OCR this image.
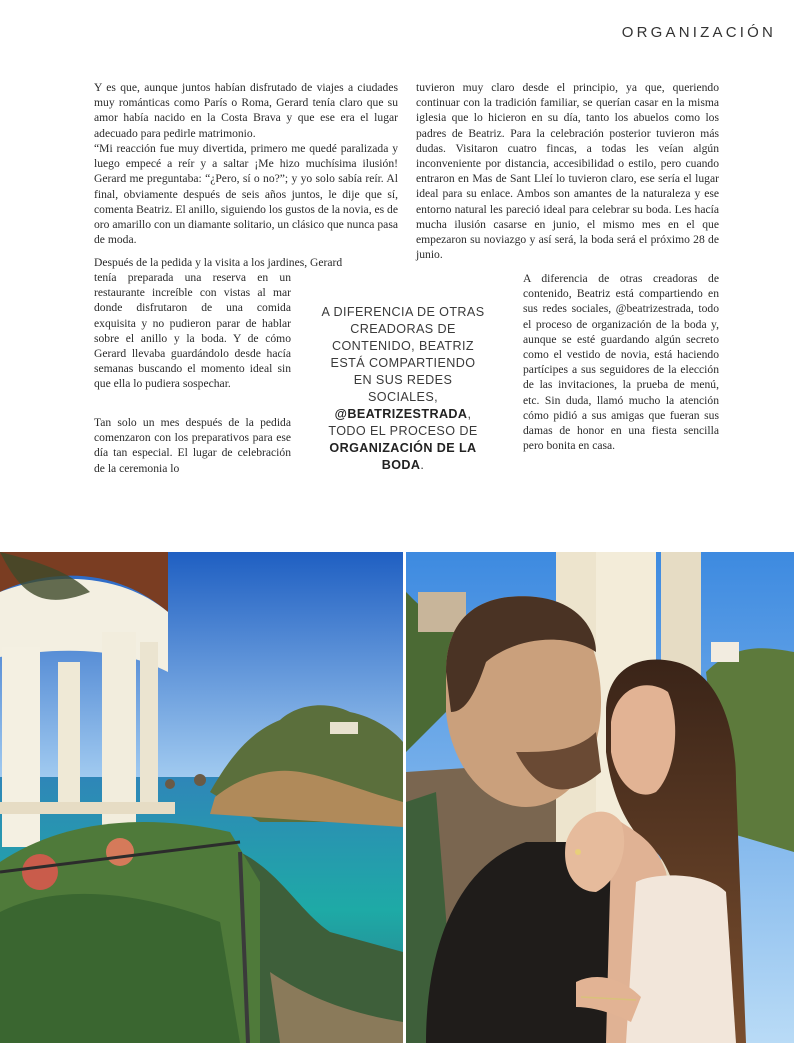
ORGANIZACIÓN

Y es que, aunque juntos habían disfrutado de viajes a ciudades muy románticas como París o Roma, Gerard tenía claro que su amor había nacido en la Costa Brava y que ese era el lugar adecuado para pedirle matrimonio.

“Mi reacción fue muy divertida, primero me quedé paralizada y luego empecé a reír y a saltar ¡Me hizo muchísima ilusión! Gerard me preguntaba: “¿Pero, sí o no?”; y yo solo sabía reír. Al final, obviamente después de seis años juntos, le dije que sí, comenta Beatriz. El anillo, siguiendo los gustos de la novia, es de oro amarillo con un diamante solitario, un clásico que nunca pasa de moda.

Después de la pedida y la visita a los jardines, Gerard

tenía preparada una reserva en un restaurante increíble con vistas al mar donde disfrutaron de una comida exquisita y no pudieron parar de hablar sobre el anillo y la boda. Y de cómo Gerard llevaba guardándolo desde hacía semanas buscando el momento ideal sin que ella lo pudiera sospechar.

Tan solo un mes después de la pedida comenzaron con los preparativos para ese día tan especial. El lugar de celebración de la ceremonia lo

tuvieron muy claro desde el principio, ya que, queriendo continuar con la tradición familiar, se querían casar en la misma iglesia que lo hicieron en su día, tanto los abuelos como los padres de Beatriz. Para la celebración posterior tuvieron más dudas. Visitaron cuatro fincas, a todas les veían algún inconveniente por distancia, accesibilidad o estilo, pero cuando entraron en Mas de Sant Lleí lo tuvieron claro, ese sería el lugar ideal para su enlace. Ambos son amantes de la naturaleza y ese entorno natural les pareció ideal para celebrar su boda. Les hacía mucha ilusión casarse en junio, el mismo mes en el que empezaron su noviazgo y así será, la boda será el próximo 28 de junio.

A diferencia de otras creadoras de contenido, Beatriz está compartiendo en sus redes sociales, @beatrizestrada, todo el proceso de organización de la boda y, aunque se esté guardando algún secreto como el vestido de novia, está haciendo partícipes a sus seguidores de la elección de las invitaciones, la prueba de menú, etc. Sin duda, llamó mucho la atención cómo pidió a sus amigas que fueran sus damas de honor en una fiesta sencilla pero bonita en casa.

A DIFERENCIA DE OTRAS CREADORAS DE CONTENIDO, BEATRIZ ESTÁ COMPARTIENDO EN SUS REDES SOCIALES, @BEATRIZESTRADA, TODO EL PROCESO DE ORGANIZACIÓN DE LA BODA.
